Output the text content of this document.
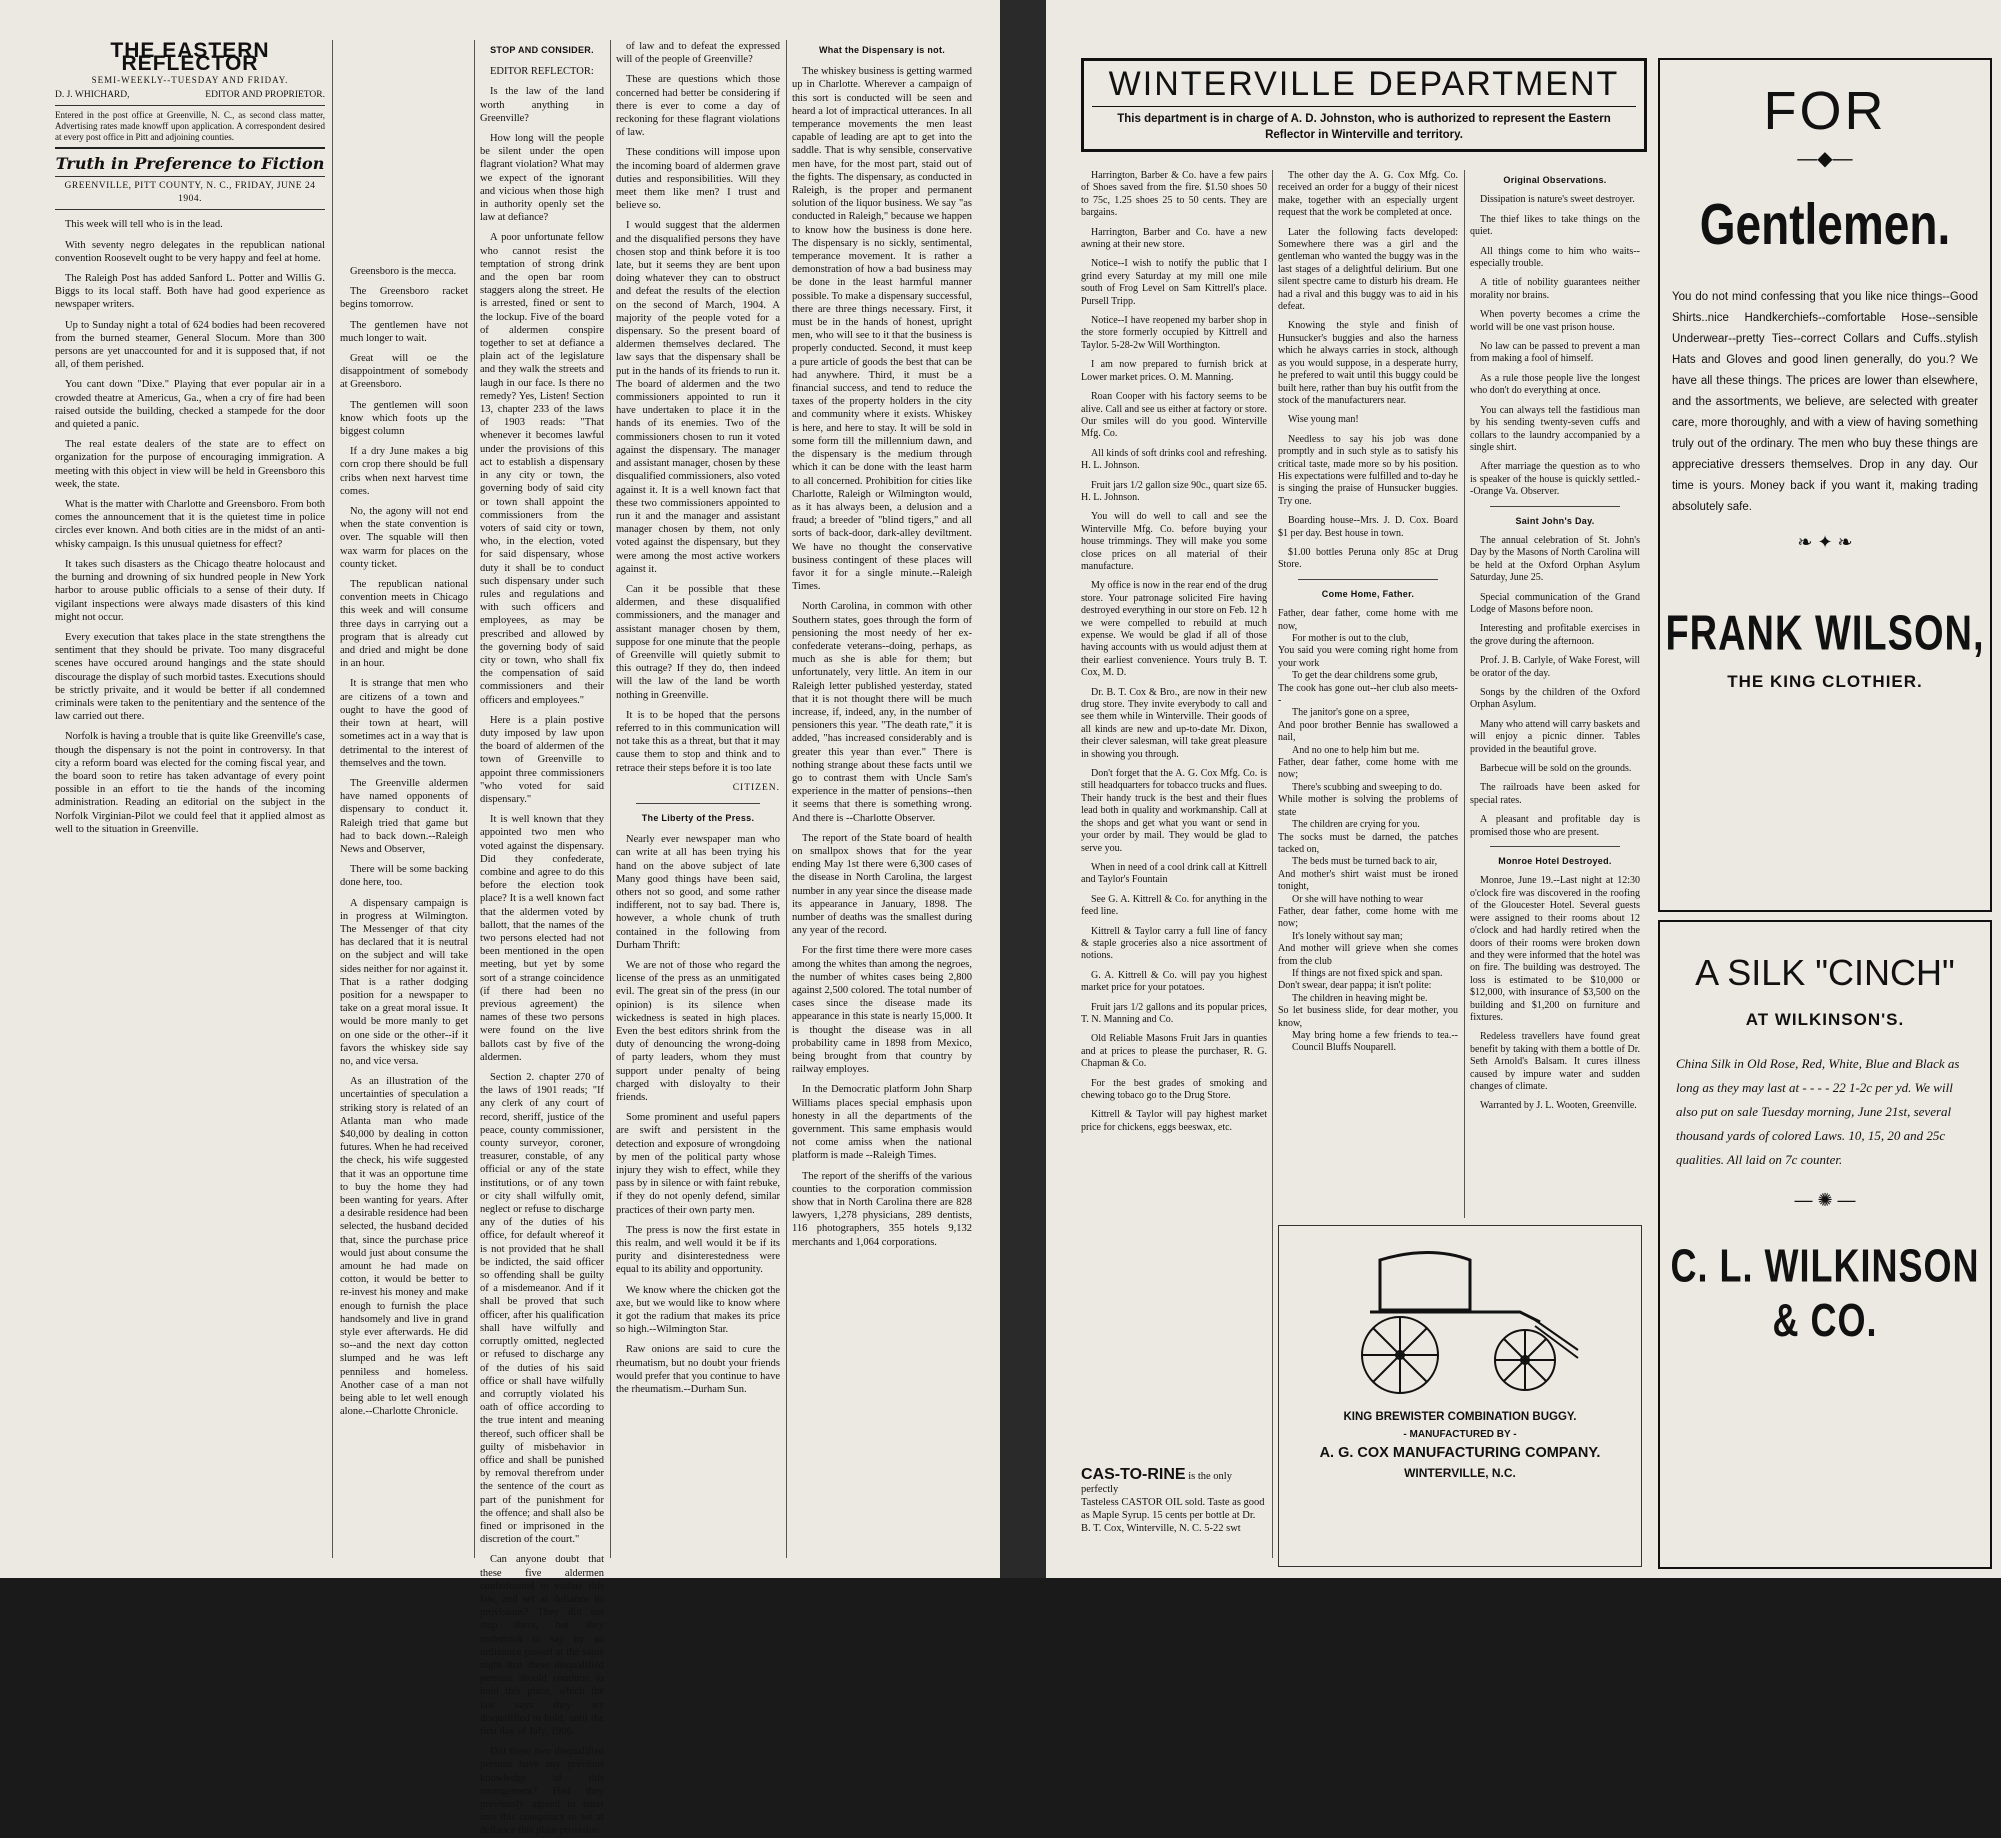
THE EASTERN REFLECTOR
SEMI-WEEKLY--TUESDAY AND FRIDAY.
D. J. WHICHARD,	EDITOR AND PROPRIETOR.
Entered in the post office at Greenville, N. C., as second class matter, Advertising rates made knowff upon application. A correspondent desired at every post office in Pitt and adjoining counties.
Truth in Preference to Fiction
GREENVILLE, PITT COUNTY, N. C., FRIDAY, JUNE 24 1904.

This week will tell who is in the lead.

With seventy negro delegates in the republican national convention Roosevelt ought to be very happy and feel at home.

The Raleigh Post has added Sanford L. Potter and Willis G. Biggs to its local staff. Both have had good experience as newspaper writers.

Up to Sunday night a total of 624 bodies had been recovered from the burned steamer, General Slocum. More than 300 persons are yet unaccounted for and it is supposed that, if not all, of them perished.

You cant down "Dixe." Playing that ever popular air in a crowded theatre at Americus, Ga., when a cry of fire had been raised outside the building, checked a stampede for the door and quieted a panic.

The real estate dealers of the state are to effect on organization for the purpose of encouraging immigration. A meeting with this object in view will be held in Greensboro this week, the state.

What is the matter with Charlotte and Greensboro. From both comes the announcement that it is the quietest time in police circles ever known. And both cities are in the midst of an anti-whisky campaign. Is this unusual quietness for effect?

It takes such disasters as the Chicago theatre holocaust and the burning and drowning of six hundred people in New York harbor to arouse public officials to a sense of their duty. If vigilant inspections were always made disasters of this kind might not occur.

Every execution that takes place in the state strengthens the sentiment that they should be private. Too many disgraceful scenes have occured around hangings and the state should discourage the display of such morbid tastes. Executions should be strictly privaite, and it would be better if all condemned criminals were taken to the penitentiary and the sentence of the law carried out there.

Norfolk is having a trouble that is quite like Greenville's case, though the dispensary is not the point in controversy. In that city a reform board was elected for the coming fiscal year, and the board soon to retire has taken advantage of every point possible in an effort to tie the hands of the incoming administration. Reading an editorial on the subject in the Norfolk Virginian-Pilot we could feel that it applied almost as well to the situation in Greenville.

Greensboro is the mecca.

The Greensboro racket begins tomorrow.

The gentlemen have not much longer to wait.

Great will oe the disappointment of somebody at Greensboro.

The gentlemen will soon know which foots up the biggest column

If a dry June makes a big corn crop there should be full cribs when next harvest time comes.

No, the agony will not end when the state convention is over. The squable will then wax warm for places on the county ticket.

The republican national convention meets in Chicago this week and will consume three days in carrying out a program that is already cut and dried and might be done in an hour.

It is strange that men who are citizens of a town and ought to have the good of their town at heart, will sometimes act in a way that is detrimental to the interest of themselves and the town.

The Greenville aldermen have named opponents of dispensary to conduct it. Raleigh tried that game but had to back down.--Raleigh News and Observer,

There will be some backing done here, too.

A dispensary campaign is in progress at Wilmington. The Messenger of that city has declared that it is neutral on the subject and will take sides neither for nor against it. That is a rather dodging position for a newspaper to take on a great moral issue. It would be more manly to get on one side or the other--if it favors the whiskey side say no, and vice versa.

As an illustration of the uncertainties of speculation a striking story is related of an Atlanta man who made $40,000 by dealing in cotton futures. When he had received the check, his wife suggested that it was an opportune time to buy the home they had been wanting for years. After a desirable residence had been selected, the husband decided that, since the purchase price would just about consume the amount he had made on cotton, it would be better to re-invest his money and make enough to furnish the place handsomely and live in grand style ever afterwards. He did so--and the next day cotton slumped and he was left penniless and homeless. Another case of a man not being able to let well enough alone.--Charlotte Chronicle.

STOP AND CONSIDER.

EDITOR REFLECTOR:

Is the law of the land worth anything in Greenville?

How long will the people be silent under the open flagrant violation? What may we expect of the ignorant and vicious when those high in authority openly set the law at defiance?

A poor unfortunate fellow who cannot resist the temptation of strong drink and the open bar room staggers along the street. He is arrested, fined or sent to the lockup. Five of the board of aldermen conspire together to set at defiance a plain act of the legislature and they walk the streets and laugh in our face. Is there no remedy? Yes, Listen! Section 13, chapter 233 of the laws of 1903 reads: "That whenever it becomes lawful under the provisions of this act to establish a dispensary in any city or town, the governing body of said city or town shall appoint the commissioners from the voters of said city or town, who, in the election, voted for said dispensary, whose duty it shall be to conduct such dispensary under such rules and regulations and with such officers and employees, as may be prescribed and allowed by the governing body of said city or town, who shall fix the compensation of said commissioners and their officers and employees."

Here is a plain postive duty imposed by law upon the board of aldermen of the town of Greenville to appoint three commissioners "who voted for said dispensary."

It is well known that they appointed two men who voted against the dispensary. Did they confederate, combine and agree to do this before the election took place? It is a well known fact that the aldermen voted by ballott, that the names of the two persons elected had not been mentioned in the open meeting, but yet by some sort of a strange coincidence (if there had been no previous agreement) the names of these two persons were found on the live ballots cast by five of the aldermen.

Section 2. chapter 270 of the laws of 1901 reads; "If any clerk of any court of record, sheriff, justice of the peace, county commissioner, county surveyor, coroner, treasurer, constable, of any official or any of the state institutions, or of any town or city shall wilfully omit, neglect or refuse to discharge any of the duties of his office, for default whereof it is not provided that he shall be indicted, the said officer so offending shall be guilty of a misdemeanor. And if it shall be proved that such officer, after his qualification shall have wilfully and corruptly omitted, neglected or refused to discharge any of the duties of his said office or shall have wilfully and corruptly violated his oath of office according to the true intent and meaning thereof, such officer shall be guilty of misbehavior in office and shall be punished by removal therefrom under the sentence of the court as part of the punishment for the offence; and shall also be fined or imprisoned in the discretion of the court."

Can anyone doubt that these five aldermen confederated to violate this law, and set at defiance its provisions? They did not stop there, but they undertook to say by an ordinance passed at the same night that these disqualified persons should continue to hold this place, which the law says they are disqualified to hold, until the first day of July, 1906.

Did these two disqualified persons have any previous knowledge of this arrangement? Had they previously agreed to enter into this conspiracy to set at defiance this plain provision

of law and to defeat the expressed will of the people of Greenville?

These are questions which those concerned had better be considering if there is ever to come a day of reckoning for these flagrant violations of law.

These conditions will impose upon the incoming board of aldermen grave duties and responsibilities. Will they meet them like men? I trust and believe so.

I would suggest that the aldermen and the disqualified persons they have chosen stop and think before it is too late, but it seems they are bent upon doing whatever they can to obstruct and defeat the results of the election on the second of March, 1904. A majority of the people voted for a dispensary. So the present board of aldermen themselves declared. The law says that the dispensary shall be put in the hands of its friends to run it. The board of aldermen and the two commissioners appointed to run it have undertaken to place it in the hands of its enemies. Two of the commissioners chosen to run it voted against the dispensary. The manager and assistant manager, chosen by these disqualified commissioners, also voted against it. It is a well known fact that these two commissioners appointed to run it and the manager and assistant manager chosen by them, not only voted against the dispensary, but they were among the most active workers against it.

Can it be possible that these aldermen, and these disqualified commissioners, and the manager and assistant manager chosen by them, suppose for one minute that the people of Greenville will quietly submit to this outrage? If they do, then indeed will the law of the land be worth nothing in Greenville.

It is to be hoped that the persons referred to in this communication will not take this as a threat, but that it may cause them to stop and think and to retrace their steps before it is too late

CITIZEN.
The Liberty of the Press.

Nearly ever newspaper man who can write at all has been trying his hand on the above subject of late Many good things have been said, others not so good, and some rather indifferent, not to say bad. There is, however, a whole chunk of truth contained in the following from Durham Thrift:

We are not of those who regard the license of the press as an unmitigated evil. The great sin of the press (in our opinion) is its silence when wickedness is seated in high places. Even the best editors shrink from the duty of denouncing the wrong-doing of party leaders, whom they must support under penalty of being charged with disloyalty to their friends.

Some prominent and useful papers are swift and persistent in the detection and exposure of wrongdoing by men of the political party whose injury they wish to effect, while they pass by in silence or with faint rebuke, if they do not openly defend, similar practices of their own party men.

The press is now the first estate in this realm, and well would it be if its purity and disinterestedness were equal to its ability and opportunity.

We know where the chicken got the axe, but we would like to know where it got the radium that makes its price so high.--Wilmington Star.

Raw onions are said to cure the rheumatism, but no doubt your friends would prefer that you continue to have the rheumatism.--Durham Sun.

What the Dispensary is not.

The whiskey business is getting warmed up in Charlotte. Wherever a campaign of this sort is conducted will be seen and heard a lot of impractical utterances. In all temperance movements the men least capable of leading are apt to get into the saddle. That is why sensible, conservative men have, for the most part, staid out of the fights. The dispensary, as conducted in Raleigh, is the proper and permanent solution of the liquor business. We say "as conducted in Raleigh," because we happen to know how the business is done here. The dispensary is no sickly, sentimental, temperance movement. It is rather a demonstration of how a bad business may be done in the least harmful manner possible. To make a dispensary successful, there are three things necessary. First, it must be in the hands of honest, upright men, who will see to it that the business is properly conducted. Second, it must keep a pure article of goods the best that can be had anywhere. Third, it must be a financial success, and tend to reduce the taxes of the property holders in the city and community where it exists. Whiskey is here, and here to stay. It will be sold in some form till the millennium dawn, and the dispensary is the medium through which it can be done with the least harm to all concerned. Prohibition for cities like Charlotte, Raleigh or Wilmington would, as it has always been, a delusion and a fraud; a breeder of "blind tigers," and all sorts of back-door, dark-alley deviltment. We have no thought the conservative business contingent of these places will favor it for a single minute.--Raleigh Times.

North Carolina, in common with other Southern states, goes through the form of pensioning the most needy of her ex-confederate veterans--doing, perhaps, as much as she is able for them; but unfortunately, very little. An item in our Raleigh letter published yesterday, stated that it is not thought there will be much increase, if, indeed, any, in the number of pensioners this year. "The death rate," it is added, "has increased considerably and is greater this year than ever." There is nothing strange about these facts until we go to contrast them with Uncle Sam's experience in the matter of pensions--then it seems that there is something wrong. And there is --Charlotte Observer.

The report of the State board of health on smallpox shows that for the year ending May 1st there were 6,300 cases of the disease in North Carolina, the largest number in any year since the disease made its appearance in January, 1898. The number of deaths was the smallest during any year of the record.

For the first time there were more cases among the whites than among the negroes, the number of whites cases being 2,800 against 2,500 colored. The total number of cases since the disease made its appearance in this state is nearly 15,000. It is thought the disease was in all probability came in 1898 from Mexico, being brought from that country by railway employes.

In the Democratic platform John Sharp Williams places special emphasis upon honesty in all the departments of the government. This same emphasis would not come amiss when the national platform is made --Raleigh Times.

The report of the sheriffs of the various counties to the corporation commission show that in North Carolina there are 828 lawyers, 1,278 physicians, 289 dentists, 116 photographers, 355 hotels 9,132 merchants and 1,064 corporations.

WINTERVILLE DEPARTMENT
This department is in charge of A. D. Johnston, who is authorized to represent the Eastern Reflector in Winterville and territory.

Harrington, Barber & Co. have a few pairs of Shoes saved from the fire. $1.50 shoes 50 to 75c, 1.25 shoes 25 to 50 cents. They are bargains.

Harrington, Barber and Co. have a new awning at their new store.

Notice--I wish to notify the public that I grind every Saturday at my mill one mile south of Frog Level on Sam Kittrell's place. Pursell Tripp.

Notice--I have reopened my barber shop in the store formerly occupied by Kittrell and Taylor. 5-28-2w Will Worthington.

I am now prepared to furnish brick at Lower market prices. O. M. Manning.

Roan Cooper with his factory seems to be alive. Call and see us either at factory or store. Our smiles will do you good. Winterville Mfg. Co.

All kinds of soft drinks cool and refreshing. H. L. Johnson.

Fruit jars 1/2 gallon size 90c., quart size 65. H. L. Johnson.

You will do well to call and see the Winterville Mfg. Co. before buying your house trimmings. They will make you some close prices on all material of their manufacture.

My office is now in the rear end of the drug store. Your patronage solicited Fire having destroyed everything in our store on Feb. 12 h we were compelled to rebuild at much expense. We would be glad if all of those having accounts with us would adjust them at their earliest convenience. Yours truly B. T. Cox, M. D.

Dr. B. T. Cox & Bro., are now in their new drug store. They invite everybody to call and see them while in Winterville. Their goods of all kinds are new and up-to-date Mr. Dixon, their clever salesman, will take great pleasure in showing you through.

Don't forget that the A. G. Cox Mfg. Co. is still headquarters for tobacco trucks and flues. Their handy truck is the best and their flues lead both in quality and workmanship. Call at the shops and get what you want or send in your order by mail. They would be glad to serve you.

When in need of a cool drink call at Kittrell and Taylor's Fountain

See G. A. Kittrell & Co. for anything in the feed line.

Kittrell & Taylor carry a full line of fancy & staple groceries also a nice assortment of notions.

G. A. Kittrell & Co. will pay you highest market price for your potatoes.

Fruit jars 1/2 gallons and its popular prices, T. N. Manning and Co.

Old Reliable Masons Fruit Jars in quanties and at prices to please the purchaser, R. G. Chapman & Co.

For the best grades of smoking and chewing tobaco go to the Drug Store.

Kittrell & Taylor will pay highest market price for chickens, eggs beeswax, etc.

CAS-TO-RINE is the only perfectly
Tasteless CASTOR OIL sold. Taste as good as Maple Syrup. 15 cents per bottle at Dr. B. T. Cox, Winterville, N. C. 5-22 swt

The other day the A. G. Cox Mfg. Co. received an order for a buggy of their nicest make, together with an especially urgent request that the work be completed at once.

Later the following facts developed: Somewhere there was a girl and the gentleman who wanted the buggy was in the last stages of a delightful delirium. But one silent spectre came to disturb his dream. He had a rival and this buggy was to aid in his defeat.

Knowing the style and finish of Hunsucker's buggies and also the harness which he always carries in stock, although as you would suppose, in a desperate hurry, he prefered to wait until this buggy could be built here, rather than buy his outfit from the stock of the manufacturers near.

Wise young man!

Needless to say his job was done promptly and in such style as to satisfy his critical taste, made more so by his position. His expectations were fulfilled and to-day he is singing the praise of Hunsucker buggies. Try one.

Boarding house--Mrs. J. D. Cox. Board $1 per day. Best house in town.

$1.00 bottles Peruna only 85c at Drug Store.

Come Home, Father.

Father, dear father, come home with me now,

For mother is out to the club,

You said you were coming right home from your work

To get the dear childrens some grub,

The cook has gone out--her club also meets--

The janitor's gone on a spree,

And poor brother Bennie has swallowed a nail,

And no one to help him but me.

Father, dear father, come home with me now;

There's scubbing and sweeping to do.

While mother is solving the problems of state

The children are crying for you.

The socks must be darned, the patches tacked on,

The beds must be turned back to air,

And mother's shirt waist must be ironed tonight,

Or she will have nothing to wear

Father, dear father, come home with me now;

It's lonely without say man;

And mother will grieve when she comes from the club

If things are not fixed spick and span.

Don't swear, dear pappa; it isn't polite:

The children in heaving might be.

So let business slide, for dear mother, you know,

May bring home a few friends to tea.--Council Bluffs Nouparell.

Original Observations.

Dissipation is nature's sweet destroyer.

The thief likes to take things on the quiet.

All things come to him who waits--especially trouble.

A title of nobility guarantees neither morality nor brains.

When poverty becomes a crime the world will be one vast prison house.

No law can be passed to prevent a man from making a fool of himself.

As a rule those people live the longest who don't do everything at once.

You can always tell the fastidious man by his sending twenty-seven cuffs and collars to the laundry accompanied by a single shirt.

After marriage the question as to who is speaker of the house is quickly settled.--Orange Va. Observer.

Saint John's Day.

The annual celebration of St. John's Day by the Masons of North Carolina will be held at the Oxford Orphan Asylum Saturday, June 25.

Special communication of the Grand Lodge of Masons before noon.

Interesting and profitable exercises in the grove during the afternoon.

Prof. J. B. Carlyle, of Wake Forest, will be orator of the day.

Songs by the children of the Oxford Orphan Asylum.

Many who attend will carry baskets and will enjoy a picnic dinner. Tables provided in the beautiful grove.

Barbecue will be sold on the grounds.

The railroads have been asked for special rates.

A pleasant and profitable day is promised those who are present.

Monroe Hotel Destroyed.

Monroe, June 19.--Last night at 12:30 o'clock fire was discovered in the roofing of the Gloucester Hotel. Several guests were assigned to their rooms about 12 o'clock and had hardly retired when the doors of their rooms were broken down and they were informed that the hotel was on fire. The building was destroyed. The loss is estimated to be $10,000 or $12,000, with insurance of $3,500 on the building and $1,200 on furniture and fixtures.

Redeless travellers have found great benefit by taking with them a bottle of Dr. Seth Arnold's Balsam. It cures illness caused by impure water and sudden changes of climate.

Warranted by J. L. Wooten, Greenville.

KING BREWISTER COMBINATION BUGGY.
- MANUFACTURED BY -
A. G. COX MANUFACTURING COMPANY.
WINTERVILLE, N.C.
FOR
—◆—
Gentlemen.
You do not mind confessing that you like nice things--Good Shirts..nice Handkerchiefs--comfortable Hose--sensible Underwear--pretty Ties--correct Collars and Cuffs..stylish Hats and Gloves and good linen generally, do you.? We have all these things. The prices are lower than elsewhere, and the assortments, we believe, are selected with greater care, more thoroughly, and with a view of having something truly out of the ordinary. The men who buy these things are appreciative dressers themselves. Drop in any day. Our time is yours. Money back if you want it, making trading absolutely safe.
❧ ✦ ❧
FRANK WILSON,
THE KING CLOTHIER.
A SILK "CINCH"
AT WILKINSON'S.
China Silk in Old Rose, Red, White, Blue and Black as long as they may last at - - - - 22 1-2c per yd. We will also put on sale Tuesday morning, June 21st, several thousand yards of colored Laws. 10, 15, 20 and 25c qualities. All laid on 7c counter.
— ✺ —
C. L. WILKINSON & CO.
